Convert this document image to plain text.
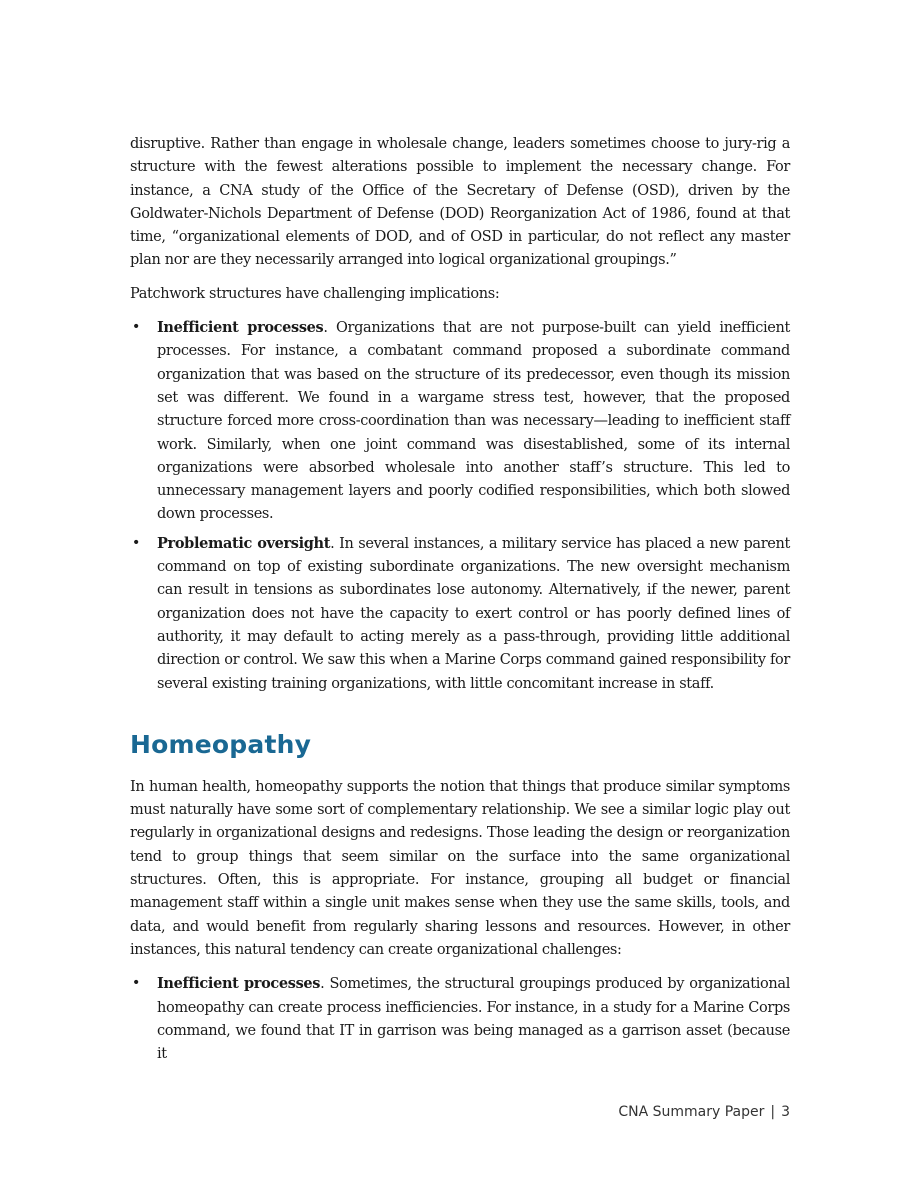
disruptive. Rather than engage in wholesale change, leaders sometimes choose to jury-rig a structure with the fewest alterations possible to implement the necessary change. For instance, a CNA study of the Office of the Secretary of Defense (OSD), driven by the Goldwater-Nichols Department of Defense (DOD) Reorganization Act of 1986, found at that time, “organizational elements of DOD, and of OSD in particular, do not reflect any master plan nor are they necessarily arranged into logical organizational groupings.”

Patchwork structures have challenging implications:

• Inefficient processes. Organizations that are not purpose-built can yield inefficient processes. For instance, a combatant command proposed a subordinate command organization that was based on the structure of its predecessor, even though its mission set was different. We found in a wargame stress test, however, that the proposed structure forced more cross-coordination than was necessary—leading to inefficient staff work. Similarly, when one joint command was disestablished, some of its internal organizations were absorbed wholesale into another staff’s structure. This led to unnecessary management layers and poorly codified responsibilities, which both slowed down processes.
• Problematic oversight. In several instances, a military service has placed a new parent command on top of existing subordinate organizations. The new oversight mechanism can result in tensions as subordinates lose autonomy. Alternatively, if the newer, parent organization does not have the capacity to exert control or has poorly defined lines of authority, it may default to acting merely as a pass-through, providing little additional direction or control. We saw this when a Marine Corps command gained responsibility for several existing training organizations, with little concomitant increase in staff.
Homeopathy

In human health, homeopathy supports the notion that things that produce similar symptoms must naturally have some sort of complementary relationship. We see a similar logic play out regularly in organizational designs and redesigns. Those leading the design or reorganization tend to group things that seem similar on the surface into the same organizational structures. Often, this is appropriate. For instance, grouping all budget or financial management staff within a single unit makes sense when they use the same skills, tools, and data, and would benefit from regularly sharing lessons and resources. However, in other instances, this natural tendency can create organizational challenges:

• Inefficient processes. Sometimes, the structural groupings produced by organizational homeopathy can create process inefficiencies. For instance, in a study for a Marine Corps command, we found that IT in garrison was being managed as a garrison asset (because it
CNA Summary Paper | 3
